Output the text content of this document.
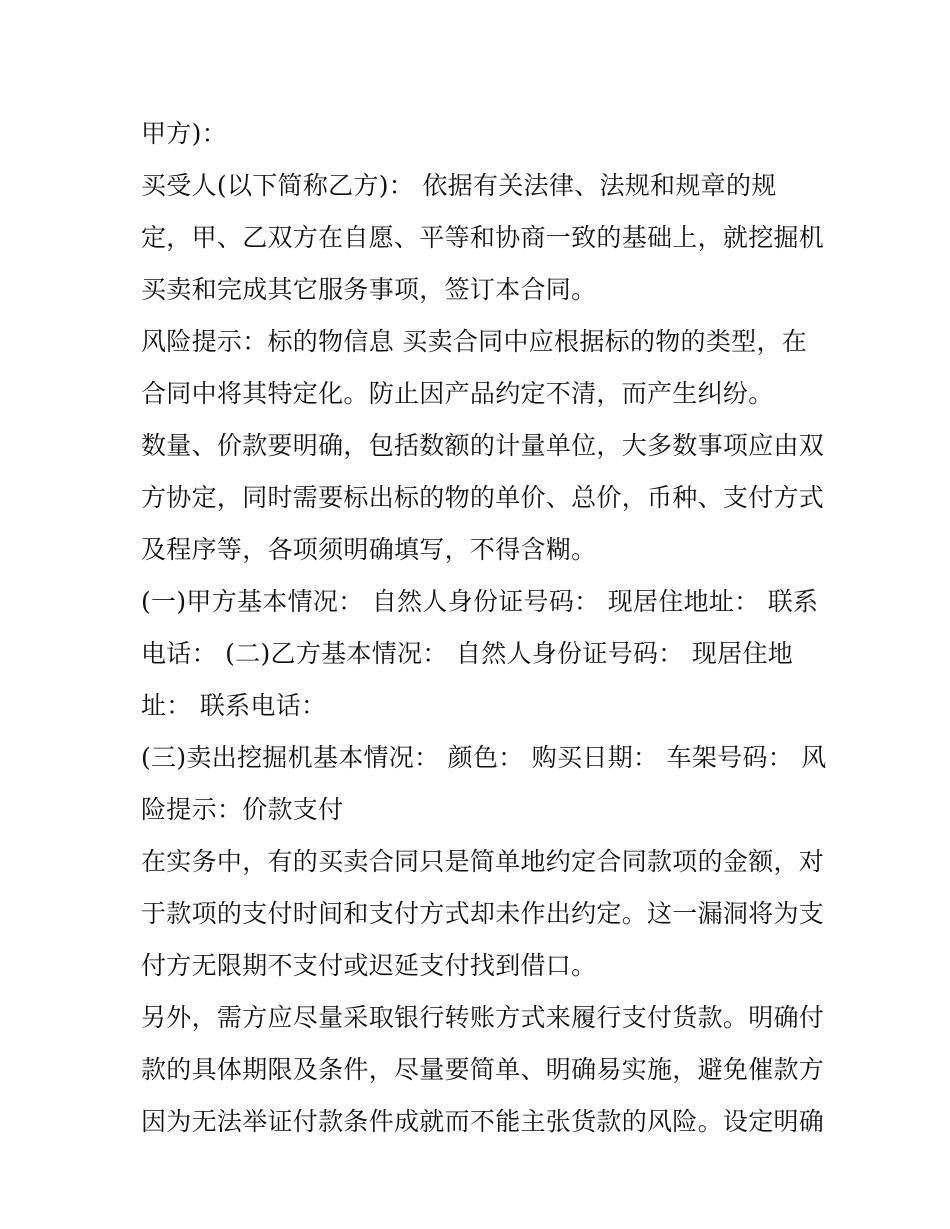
甲方)：
买受人(以下简称乙方)： 依据有关法律、法规和规章的规
定，甲、乙双方在自愿、平等和协商一致的基础上，就挖掘机
买卖和完成其它服务事项，签订本合同。
风险提示：标的物信息 买卖合同中应根据标的物的类型，在
合同中将其特定化。防止因产品约定不清，而产生纠纷。
数量、价款要明确，包括数额的计量单位，大多数事项应由双
方协定，同时需要标出标的物的单价、总价，币种、支付方式
及程序等，各项须明确填写，不得含糊。
(一)甲方基本情况： 自然人身份证号码： 现居住地址： 联系
电话： (二)乙方基本情况： 自然人身份证号码： 现居住地
址： 联系电话：
(三)卖出挖掘机基本情况： 颜色： 购买日期： 车架号码： 风
险提示：价款支付
在实务中，有的买卖合同只是简单地约定合同款项的金额，对
于款项的支付时间和支付方式却未作出约定。这一漏洞将为支
付方无限期不支付或迟延支付找到借口。
另外，需方应尽量采取银行转账方式来履行支付货款。明确付
款的具体期限及条件，尽量要简单、明确易实施，避免催款方
因为无法举证付款条件成就而不能主张货款的风险。设定明确
